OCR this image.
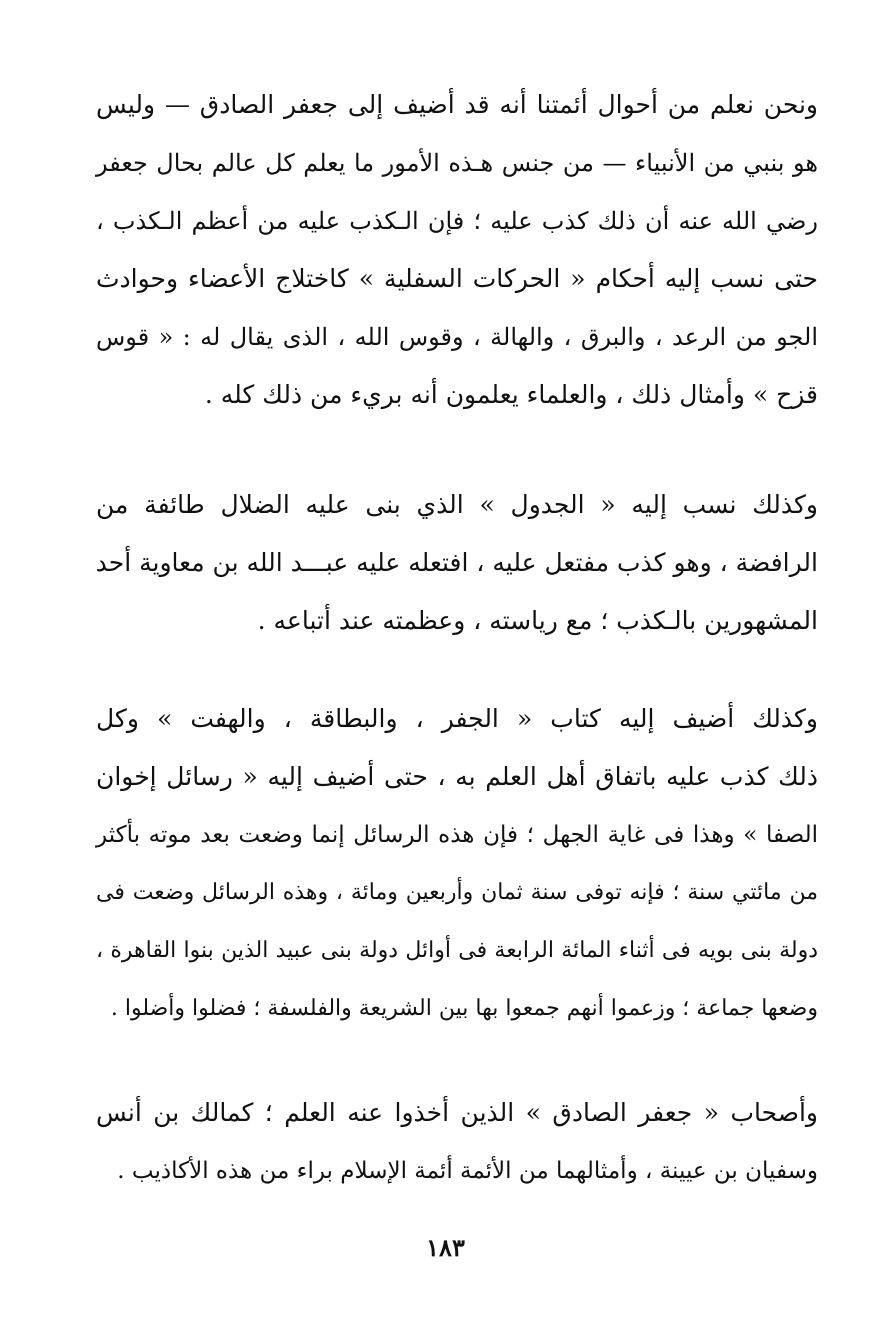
ونحن نعلم من أحوال أئمتنا أنه قد أضيف إلى جعفر الصادق — وليس
هو بنبي من الأنبياء — من جنس هـذه الأمور ما يعلم كل عالم بحال جعفر
رضي الله عنه أن ذلك كذب عليه ؛ فإن الـكذب عليه من أعظم الـكذب ،
حتى نسب إليه أحكام « الحركات السفلية » كاختلاج الأعضاء وحوادث
الجو من الرعد ، والبرق ، والهالة ، وقوس الله ، الذى يقال له : « قوس
قزح » وأمثال ذلك ، والعلماء يعلمون أنه بريء من ذلك كله .
وكذلك نسب إليه « الجدول » الذي بنى عليه الضلال طائفة من
الرافضة ، وهو كذب مفتعل عليه ، افتعله عليه عبـــد الله بن معاوية أحد
المشهورين بالـكذب ؛ مع رياسته ، وعظمته عند أتباعه .
وكذلك أضيف إليه كتاب « الجفر ، والبطاقة ، والهفت » وكل
ذلك كذب عليه باتفاق أهل العلم به ، حتى أضيف إليه « رسائل إخوان
الصفا » وهذا فى غاية الجهل ؛ فإن هذه الرسائل إنما وضعت بعد موته بأكثر
من مائتي سنة ؛ فإنه توفى سنة ثمان وأربعين ومائة ، وهذه الرسائل وضعت فى
دولة بنى بويه فى أثناء المائة الرابعة فى أوائل دولة بنى عبيد الذين بنوا القاهرة ،
وضعها جماعة ؛ وزعموا أنهم جمعوا بها بين الشريعة والفلسفة ؛ فضلوا وأضلوا .
وأصحاب « جعفر الصادق » الذين أخذوا عنه العلم ؛ كمالك بن أنس
وسفيان بن عيينة ، وأمثالهما من الأئمة أئمة الإسلام براء من هذه الأكاذيب .
١٨٣
